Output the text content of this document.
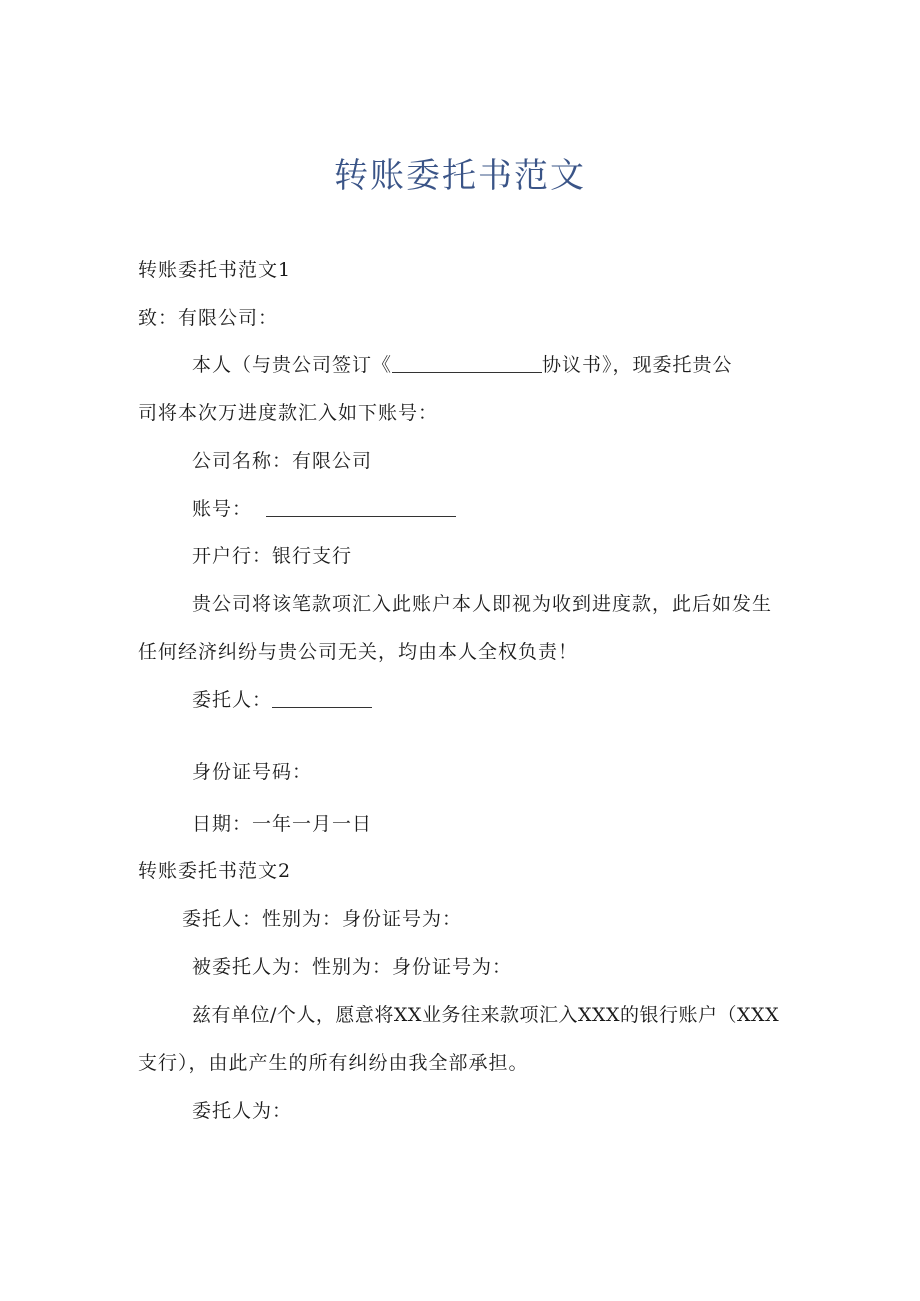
转账委托书范文
转账委托书范文1
致：有限公司：
本人（与贵公司签订《	协议书》，现委托贵公
司将本次万进度款汇入如下账号：
公司名称：有限公司
账号：
开户行：银行支行
贵公司将该笔款项汇入此账户本人即视为收到进度款，此后如发生
任何经济纠纷与贵公司无关，均由本人全权负责！
委托人：
身份证号码：
日期：一年一月一日
转账委托书范文2
委托人：性别为：身份证号为：
被委托人为：性别为：身份证号为：
兹有单位/个人，愿意将XX业务往来款项汇入XXX的银行账户（XXX
支行），由此产生的所有纠纷由我全部承担。
委托人为：
